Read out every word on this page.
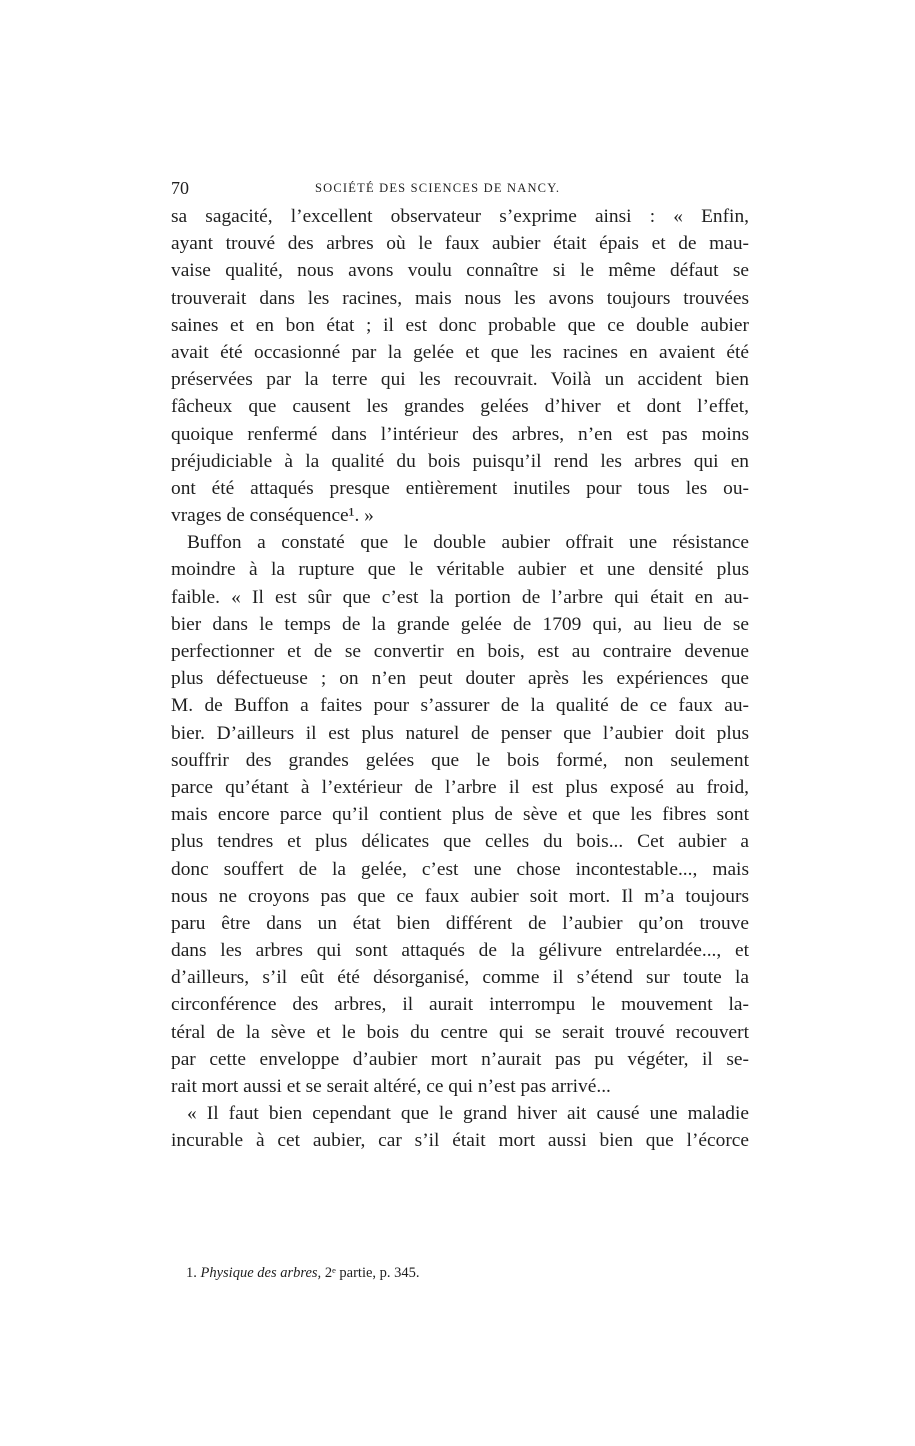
70	SOCIÉTÉ DES SCIENCES DE NANCY.
sa sagacité, l’excellent observateur s’exprime ainsi : « Enfin,
ayant trouvé des arbres où le faux aubier était épais et de mau-
vaise qualité, nous avons voulu connaître si le même défaut se
trouverait dans les racines, mais nous les avons toujours trouvées
saines et en bon état ; il est donc probable que ce double aubier
avait été occasionné par la gelée et que les racines en avaient été
préservées par la terre qui les recouvrait. Voilà un accident bien
fâcheux que causent les grandes gelées d’hiver et dont l’effet,
quoique renfermé dans l’intérieur des arbres, n’en est pas moins
préjudiciable à la qualité du bois puisqu’il rend les arbres qui en
ont été attaqués presque entièrement inutiles pour tous les ou-
vrages de conséquence¹. »
Buffon a constaté que le double aubier offrait une résistance
moindre à la rupture que le véritable aubier et une densité plus
faible. « Il est sûr que c’est la portion de l’arbre qui était en au-
bier dans le temps de la grande gelée de 1709 qui, au lieu de se
perfectionner et de se convertir en bois, est au contraire devenue
plus défectueuse ; on n’en peut douter après les expériences que
M. de Buffon a faites pour s’assurer de la qualité de ce faux au-
bier. D’ailleurs il est plus naturel de penser que l’aubier doit plus
souffrir des grandes gelées que le bois formé, non seulement
parce qu’étant à l’extérieur de l’arbre il est plus exposé au froid,
mais encore parce qu’il contient plus de sève et que les fibres sont
plus tendres et plus délicates que celles du bois... Cet aubier a
donc souffert de la gelée, c’est une chose incontestable..., mais
nous ne croyons pas que ce faux aubier soit mort. Il m’a toujours
paru être dans un état bien différent de l’aubier qu’on trouve
dans les arbres qui sont attaqués de la gélivure entrelardée..., et
d’ailleurs, s’il eût été désorganisé, comme il s’étend sur toute la
circonférence des arbres, il aurait interrompu le mouvement la-
téral de la sève et le bois du centre qui se serait trouvé recouvert
par cette enveloppe d’aubier mort n’aurait pas pu végéter, il se-
rait mort aussi et se serait altéré, ce qui n’est pas arrivé...
« Il faut bien cependant que le grand hiver ait causé une maladie
incurable à cet aubier, car s’il était mort aussi bien que l’écorce
1. Physique des arbres, 2ᵉ partie, p. 345.
